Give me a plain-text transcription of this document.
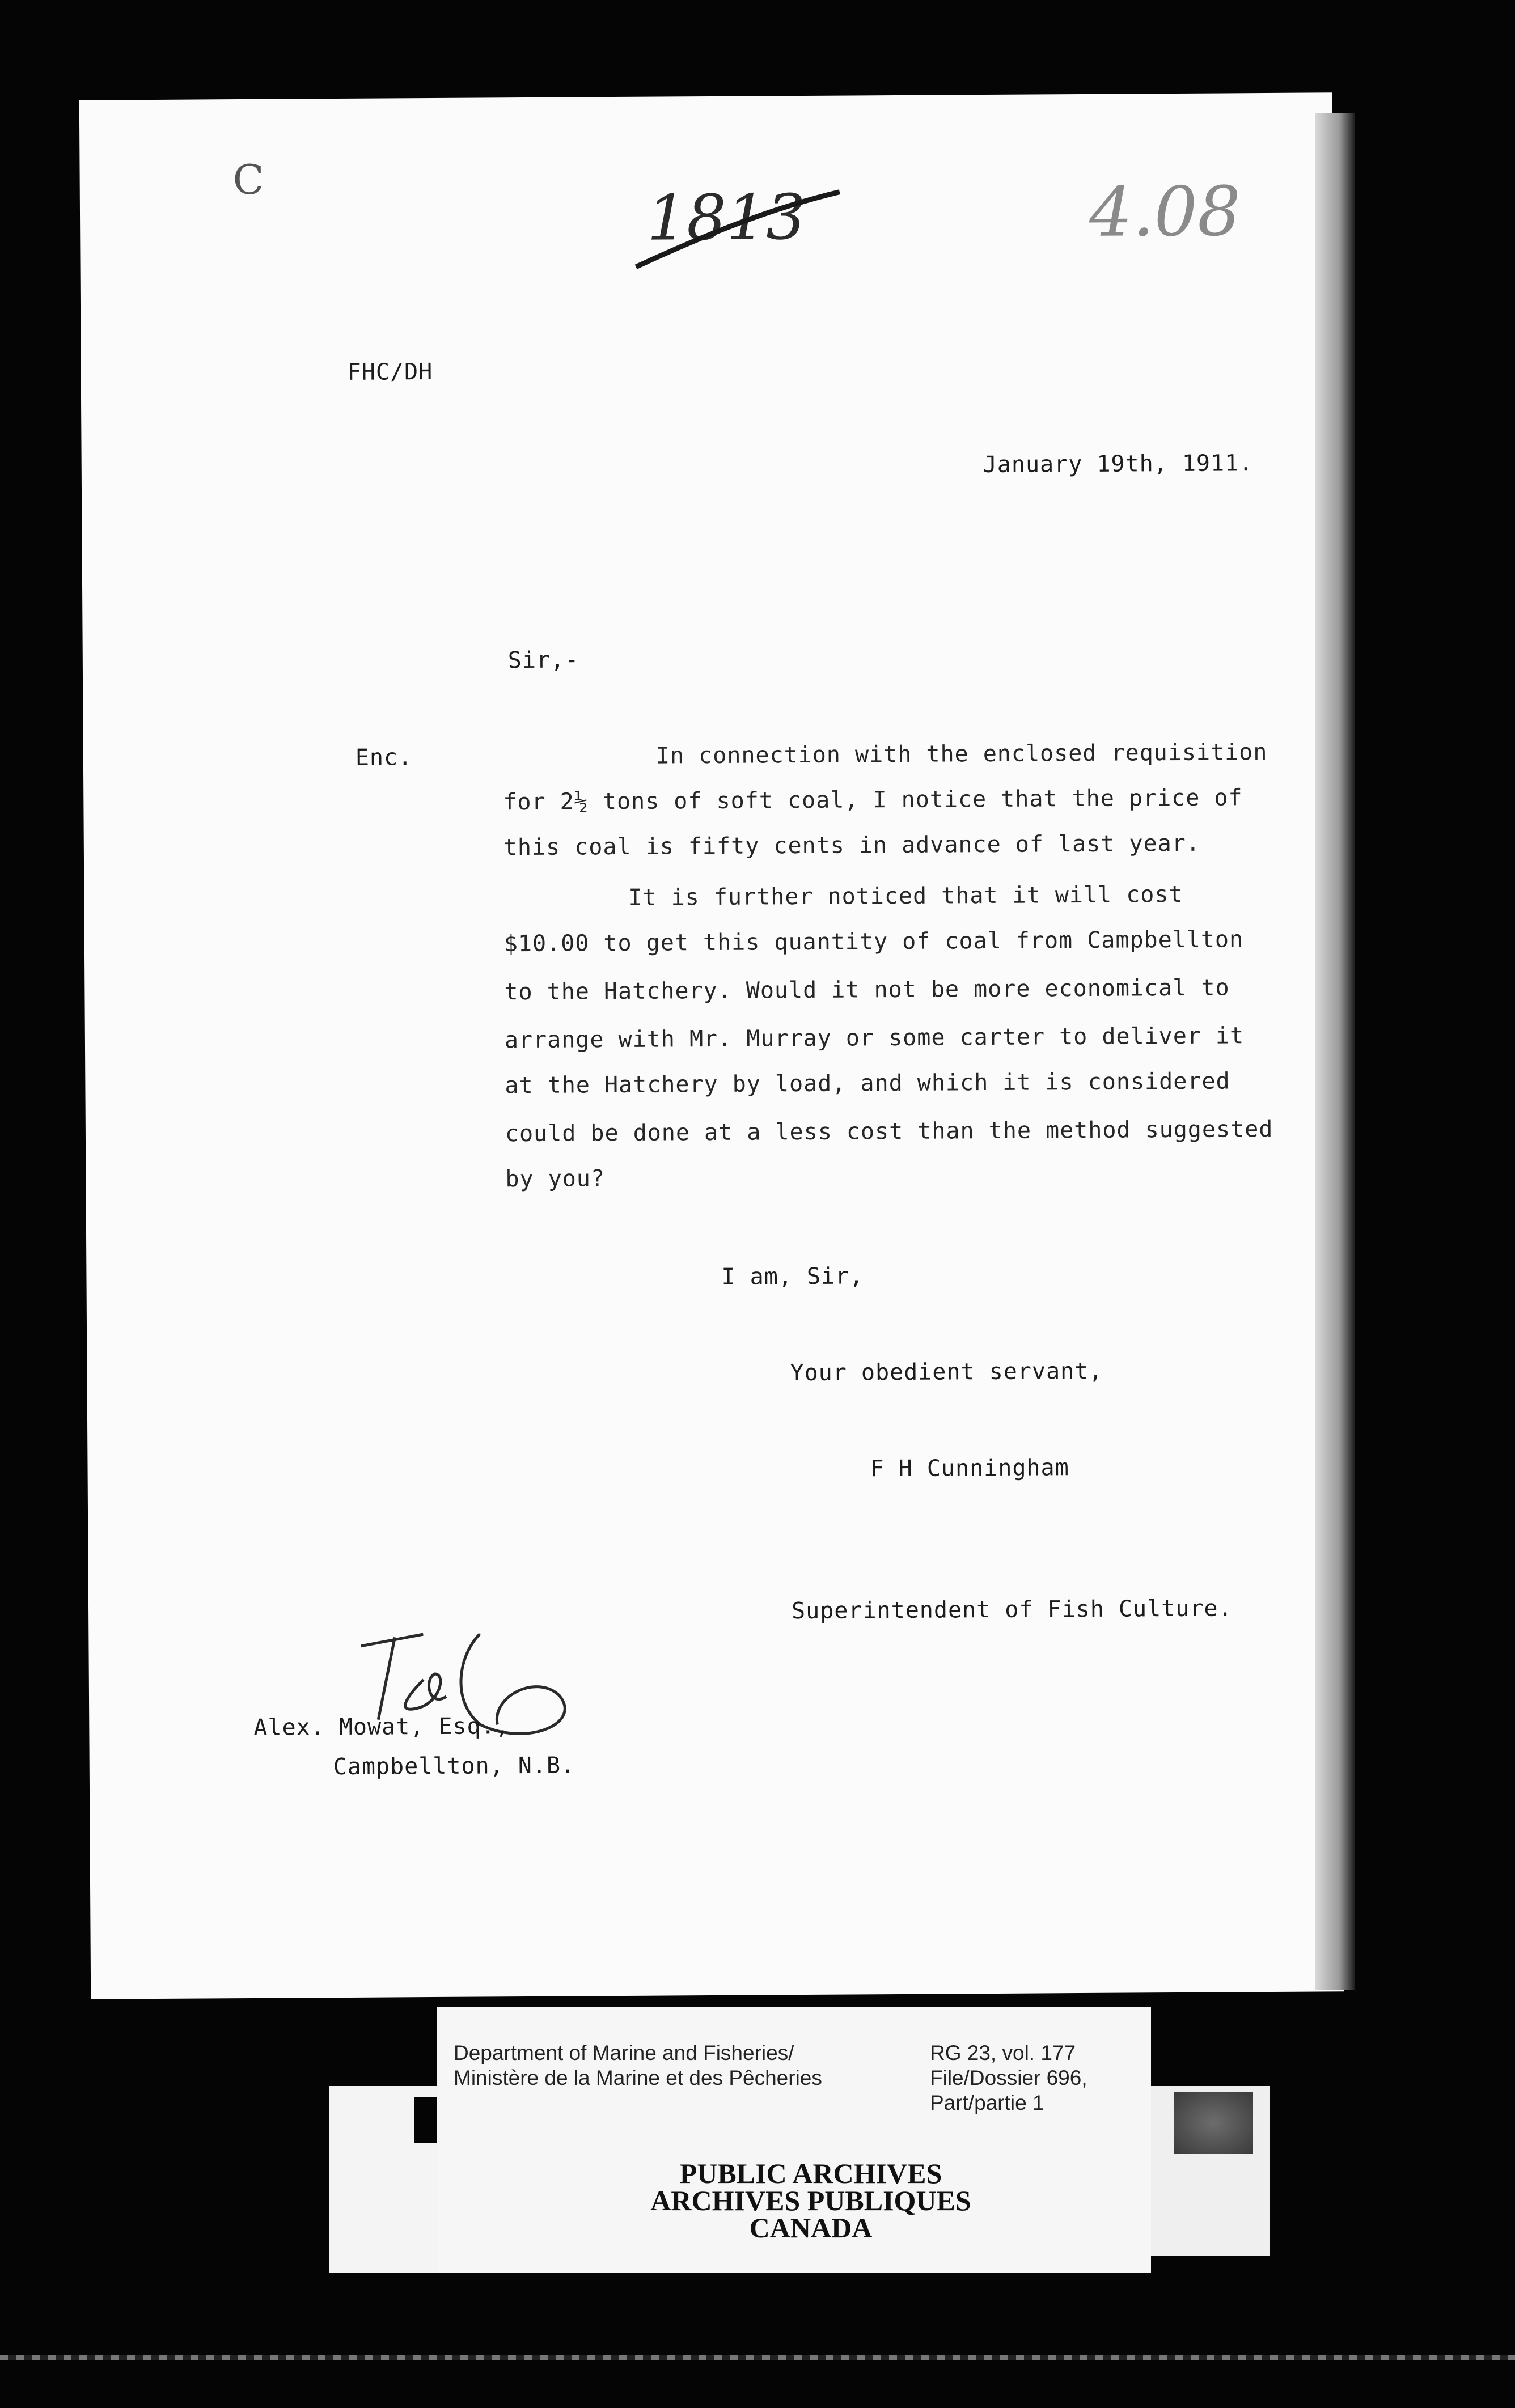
C
1813	4.08
FHC/DH
January 19th, 1911.
Sir,-
Enc.	In connection with the enclosed requisition
for 2½ tons of soft coal, I notice that the price of
this coal is fifty cents in advance of last year.
It is further noticed that it will cost
$10.00 to get this quantity of coal from Campbellton
to the Hatchery. Would it not be more economical to
arrange with Mr. Murray or some carter to deliver it
at the Hatchery by load, and which it is considered
could be done at a less cost than the method suggested
by you?
I am, Sir,
Your obedient servant,
F H Cunningham
Superintendent of Fish Culture.
Alex. Mowat, Esq.,
Campbellton, N.B.
Department of Marine and Fisheries/
Ministère de la Marine et des Pêcheries
RG 23, vol. 177
File/Dossier 696,
Part/partie 1
PUBLIC ARCHIVES
ARCHIVES PUBLIQUES
CANADA
